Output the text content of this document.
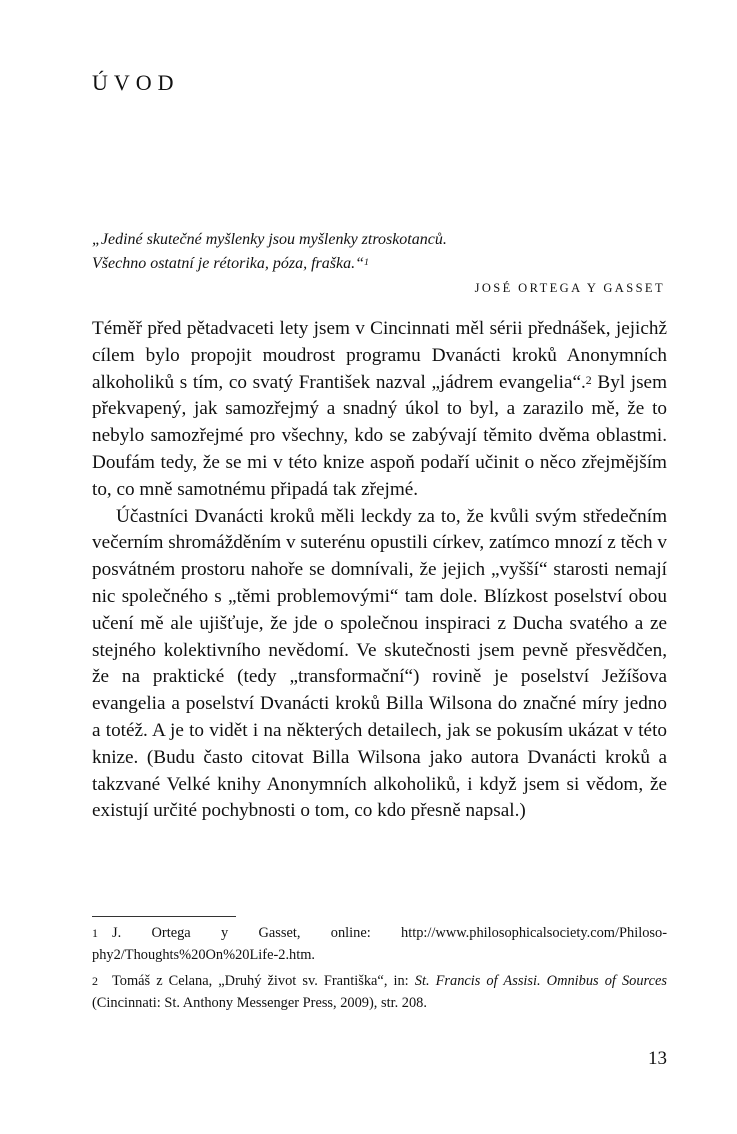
ÚVOD
„Jediné skutečné myšlenky jsou myšlenky ztroskotanců.
Všechno ostatní je rétorika, póza, fraška.“$^1$
JOSÉ ORTEGA Y GASSET

Téměř před pětadvaceti lety jsem v Cincinnati měl sérii přednášek, jejichž cílem bylo propojit moudrost programu Dvanácti kroků Anonymních alkoholiků s tím, co svatý František nazval „jádrem evangelia“.$^2$ Byl jsem překvapený, jak samozřejmý a snadný úkol to byl, a zarazilo mě, že to nebylo samozřejmé pro všechny, kdo se zabývají těmito dvěma oblastmi. Doufám tedy, že se mi v této knize aspoň podaří učinit o něco zřejmějším to, co mně samotnému připadá tak zřejmé.

Účastníci Dvanácti kroků měli leckdy za to, že kvůli svým středečním večerním shromážděním v suterénu opustili církev, zatímco mnozí z těch v posvátném prostoru nahoře se domnívali, že jejich „vyšší“ starosti nemají nic společného s „těmi problemovými“ tam dole. Blízkost poselství obou učení mě ale ujišťuje, že jde o společnou inspiraci z Ducha svatého a ze stejného kolektivního nevědomí. Ve skutečnosti jsem pevně přesvědčen, že na praktické (tedy „transformační“) rovině je poselství Ježíšova evangelia a poselství Dvanácti kroků Billa Wilsona do značné míry jedno a totéž. A je to vidět i na některých detailech, jak se pokusím ukázat v této knize. (Budu často citovat Billa Wilsona jako autora Dvanácti kroků a takzvané Velké knihy Anonymních alkoholiků, i když jsem si vědom, že existují určité pochybnosti o tom, co kdo přesně napsal.)

1 J. Ortega y Gasset, online: http://www.philosophicalsociety.com/Philosophy2/Thoughts%20On%20Life-2.htm.

2 Tomáš z Celana, „Druhý život sv. Františka“, in: St. Francis of Assisi. Omnibus of Sources (Cincinnati: St. Anthony Messenger Press, 2009), str. 208.

13
